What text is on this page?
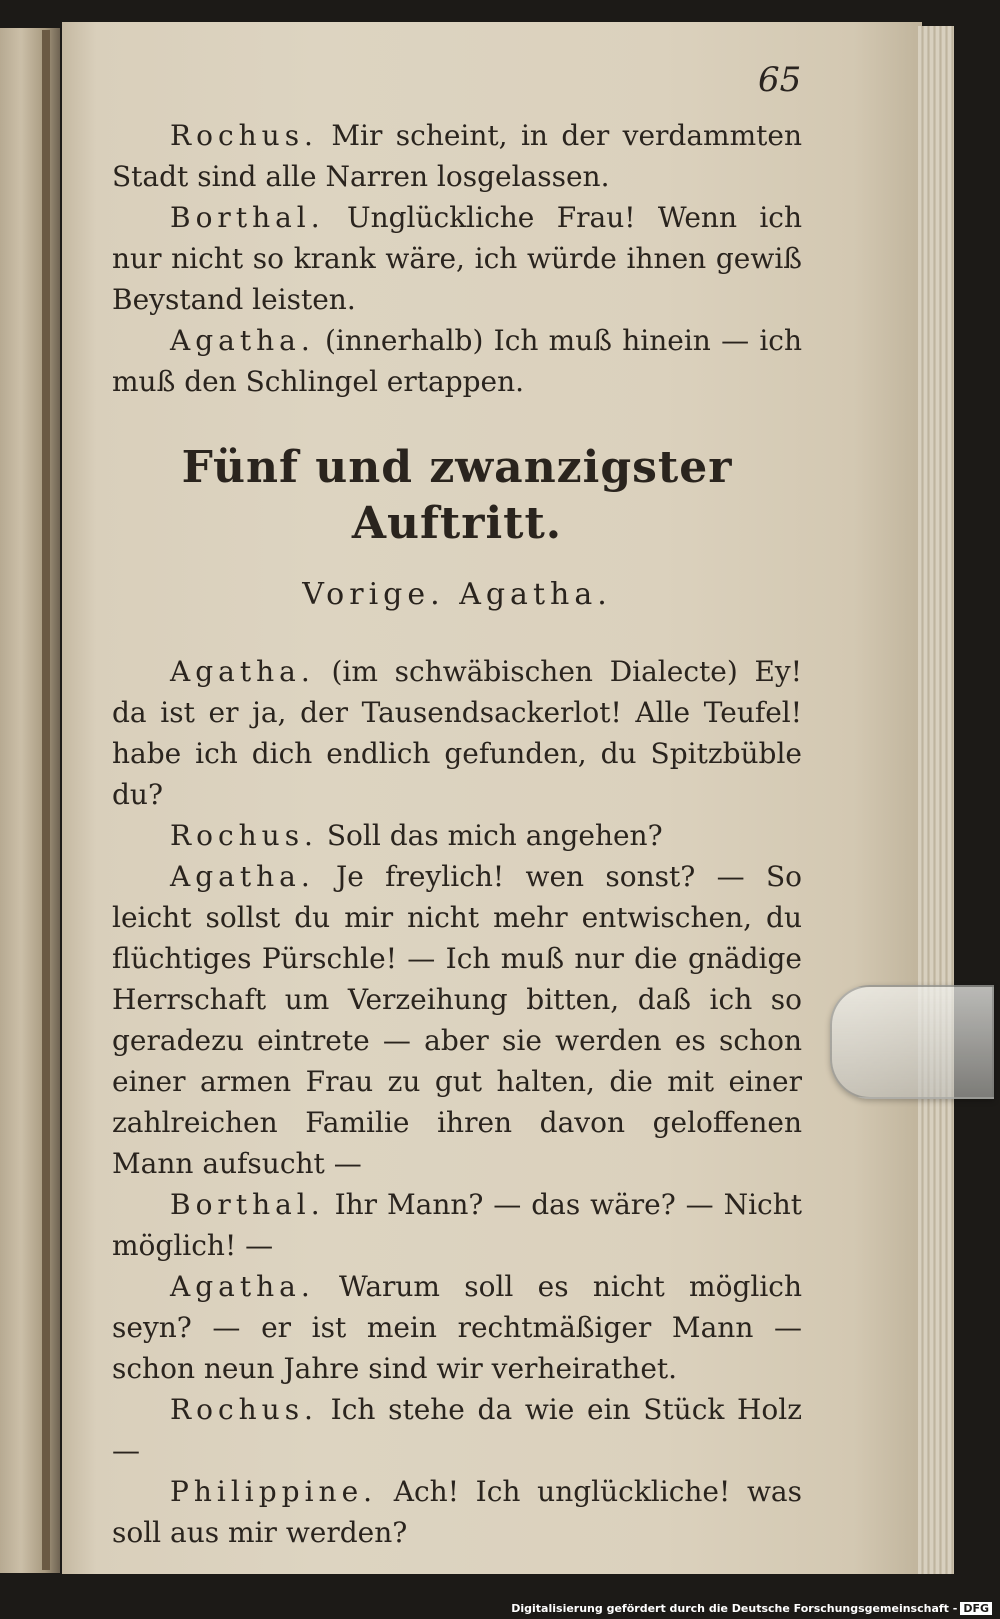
65

Rochus. Mir scheint, in der verdammten Stadt sind alle Narren losgelassen.

Borthal. Unglückliche Frau! Wenn ich nur nicht so krank wäre, ich würde ihnen gewiß Beystand leisten.

Agatha. (innerhalb) Ich muß hinein — ich muß den Schlingel ertappen.

Fünf und zwanzigster Auftritt.
Vorige. Agatha.

Agatha. (im schwäbischen Dialecte) Ey! da ist er ja, der Tausendsackerlot! Alle Teufel! habe ich dich endlich gefunden, du Spitzbüble du?

Rochus. Soll das mich angehen?

Agatha. Je freylich! wen sonst? — So leicht sollst du mir nicht mehr entwischen, du flüchtiges Pürschle! — Ich muß nur die gnädige Herrschaft um Verzeihung bitten, daß ich so geradezu eintrete — aber sie werden es schon einer armen Frau zu gut halten, die mit einer zahlreichen Familie ihren davon geloffenen Mann aufsucht —

Borthal. Ihr Mann? — das wäre? — Nicht möglich! —

Agatha. Warum soll es nicht möglich seyn? — er ist mein rechtmäßiger Mann — schon neun Jahre sind wir verheirathet.

Rochus. Ich stehe da wie ein Stück Holz —

Philippine. Ach! Ich unglückliche! was soll aus mir werden?

Digitalisierung gefördert durch die Deutsche Forschungsgemeinschaft - DFG
